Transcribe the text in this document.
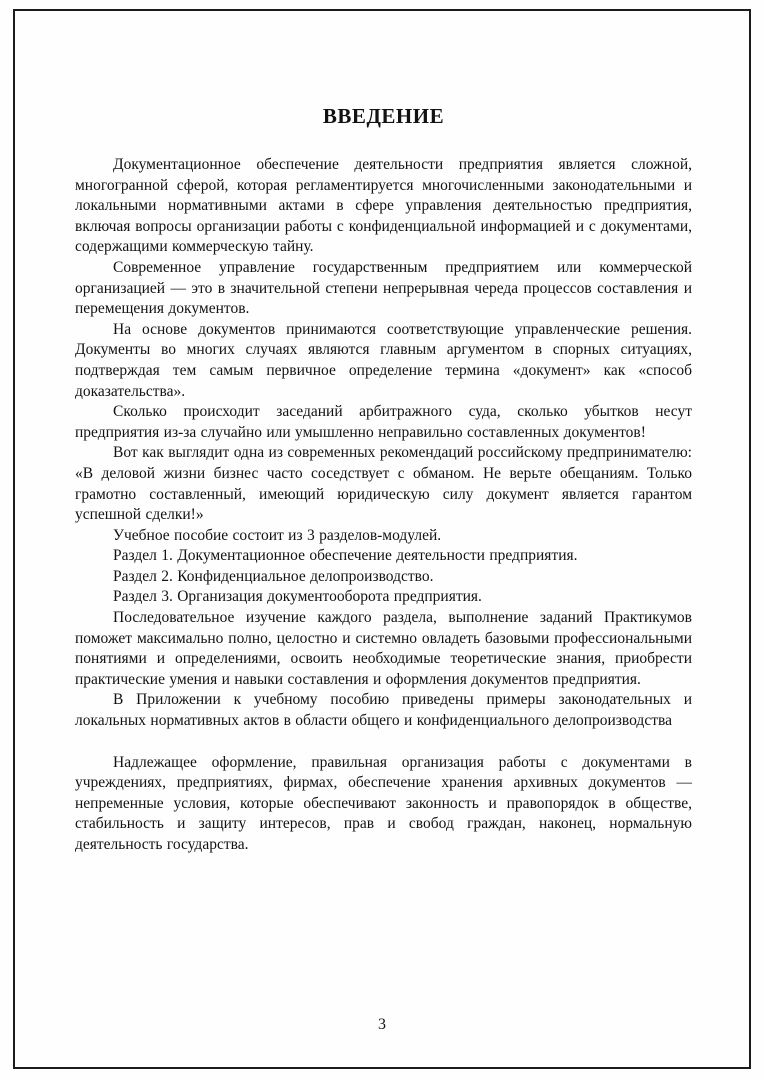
ВВЕДЕНИЕ

Документационное обеспечение деятельности предприятия является сложной, многогранной сферой, которая регламентируется многочисленными законодательными и локальными нормативными актами в сфере управления деятельностью предприятия, включая вопросы организации работы с конфиденциальной информацией и с документами, содержащими коммерческую тайну.

Современное управление государственным предприятием или коммерческой организацией — это в значительной степени непрерывная череда процессов составления и перемещения документов.

На основе документов принимаются соответствующие управленческие решения. Документы во многих случаях являются главным аргументом в спорных ситуациях, подтверждая тем самым первичное определение термина «документ» как «способ доказательства».

Сколько происходит заседаний арбитражного суда, сколько убытков несут предприятия из-за случайно или умышленно неправильно составленных документов!

Вот как выглядит одна из современных рекомендаций российскому предпринимателю: «В деловой жизни бизнес часто соседствует с обманом. Не верьте обещаниям. Только грамотно составленный, имеющий юридическую силу документ является гарантом успешной сделки!»

Учебное пособие состоит из 3 разделов-модулей.

Раздел 1. Документационное обеспечение деятельности предприятия.

Раздел 2. Конфиденциальное делопроизводство.

Раздел 3. Организация документооборота предприятия.

Последовательное изучение каждого раздела, выполнение заданий Практикумов поможет максимально полно, целостно и системно овладеть базовыми профессиональными понятиями и определениями, освоить необходимые теоретические знания, приобрести практические умения и навыки составления и оформления документов предприятия.

В Приложении к учебному пособию приведены примеры законодательных и локальных нормативных актов в области общего и конфиденциального делопроизводства

Надлежащее оформление, правильная организация работы с документами в учреждениях, предприятиях, фирмах, обеспечение хранения архивных документов — непременные условия, которые обеспечивают законность и правопорядок в обществе, стабильность и защиту интересов, прав и свобод граждан, наконец, нормальную деятельность государства.

3
